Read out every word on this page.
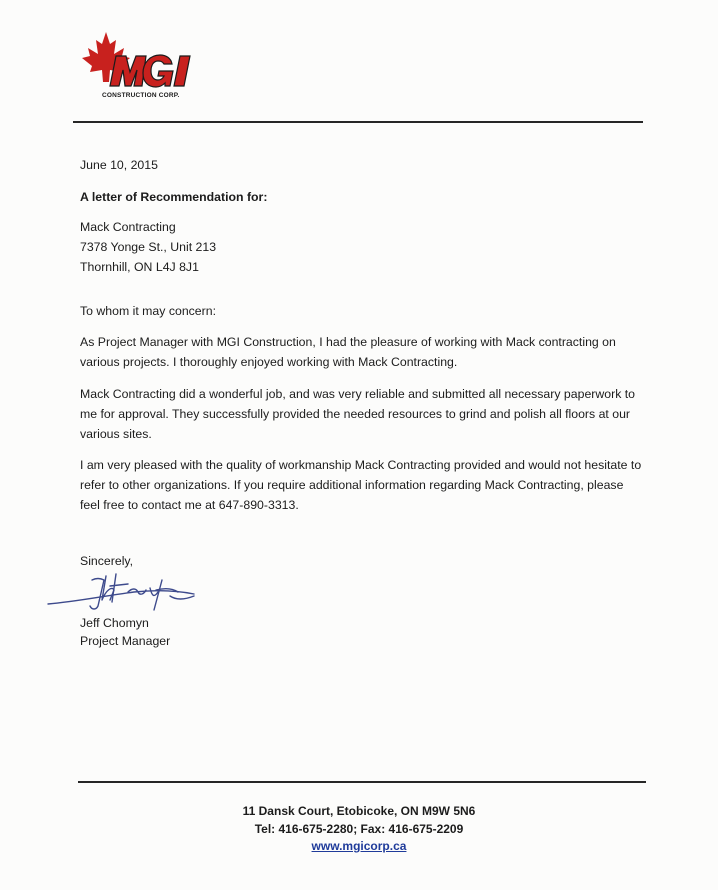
CONSTRUCTION CORP.
June 10, 2015
A letter of Recommendation for:
Mack Contracting
7378 Yonge St., Unit 213
Thornhill, ON L4J 8J1
To whom it may concern:
As Project Manager with MGI Construction, I had the pleasure of working with Mack contracting on
various projects. I thoroughly enjoyed working with Mack Contracting.
Mack Contracting did a wonderful job, and was very reliable and submitted all necessary paperwork to
me for approval. They successfully provided the needed resources to grind and polish all floors at our
various sites.
I am very pleased with the quality of workmanship Mack Contracting provided and would not hesitate to
refer to other organizations. If you require additional information regarding Mack Contracting, please
feel free to contact me at 647-890-3313.
Sincerely,
Jeff Chomyn
Project Manager
11 Dansk Court, Etobicoke, ON M9W 5N6
Tel: 416-675-2280; Fax: 416-675-2209
www.mgicorp.ca
